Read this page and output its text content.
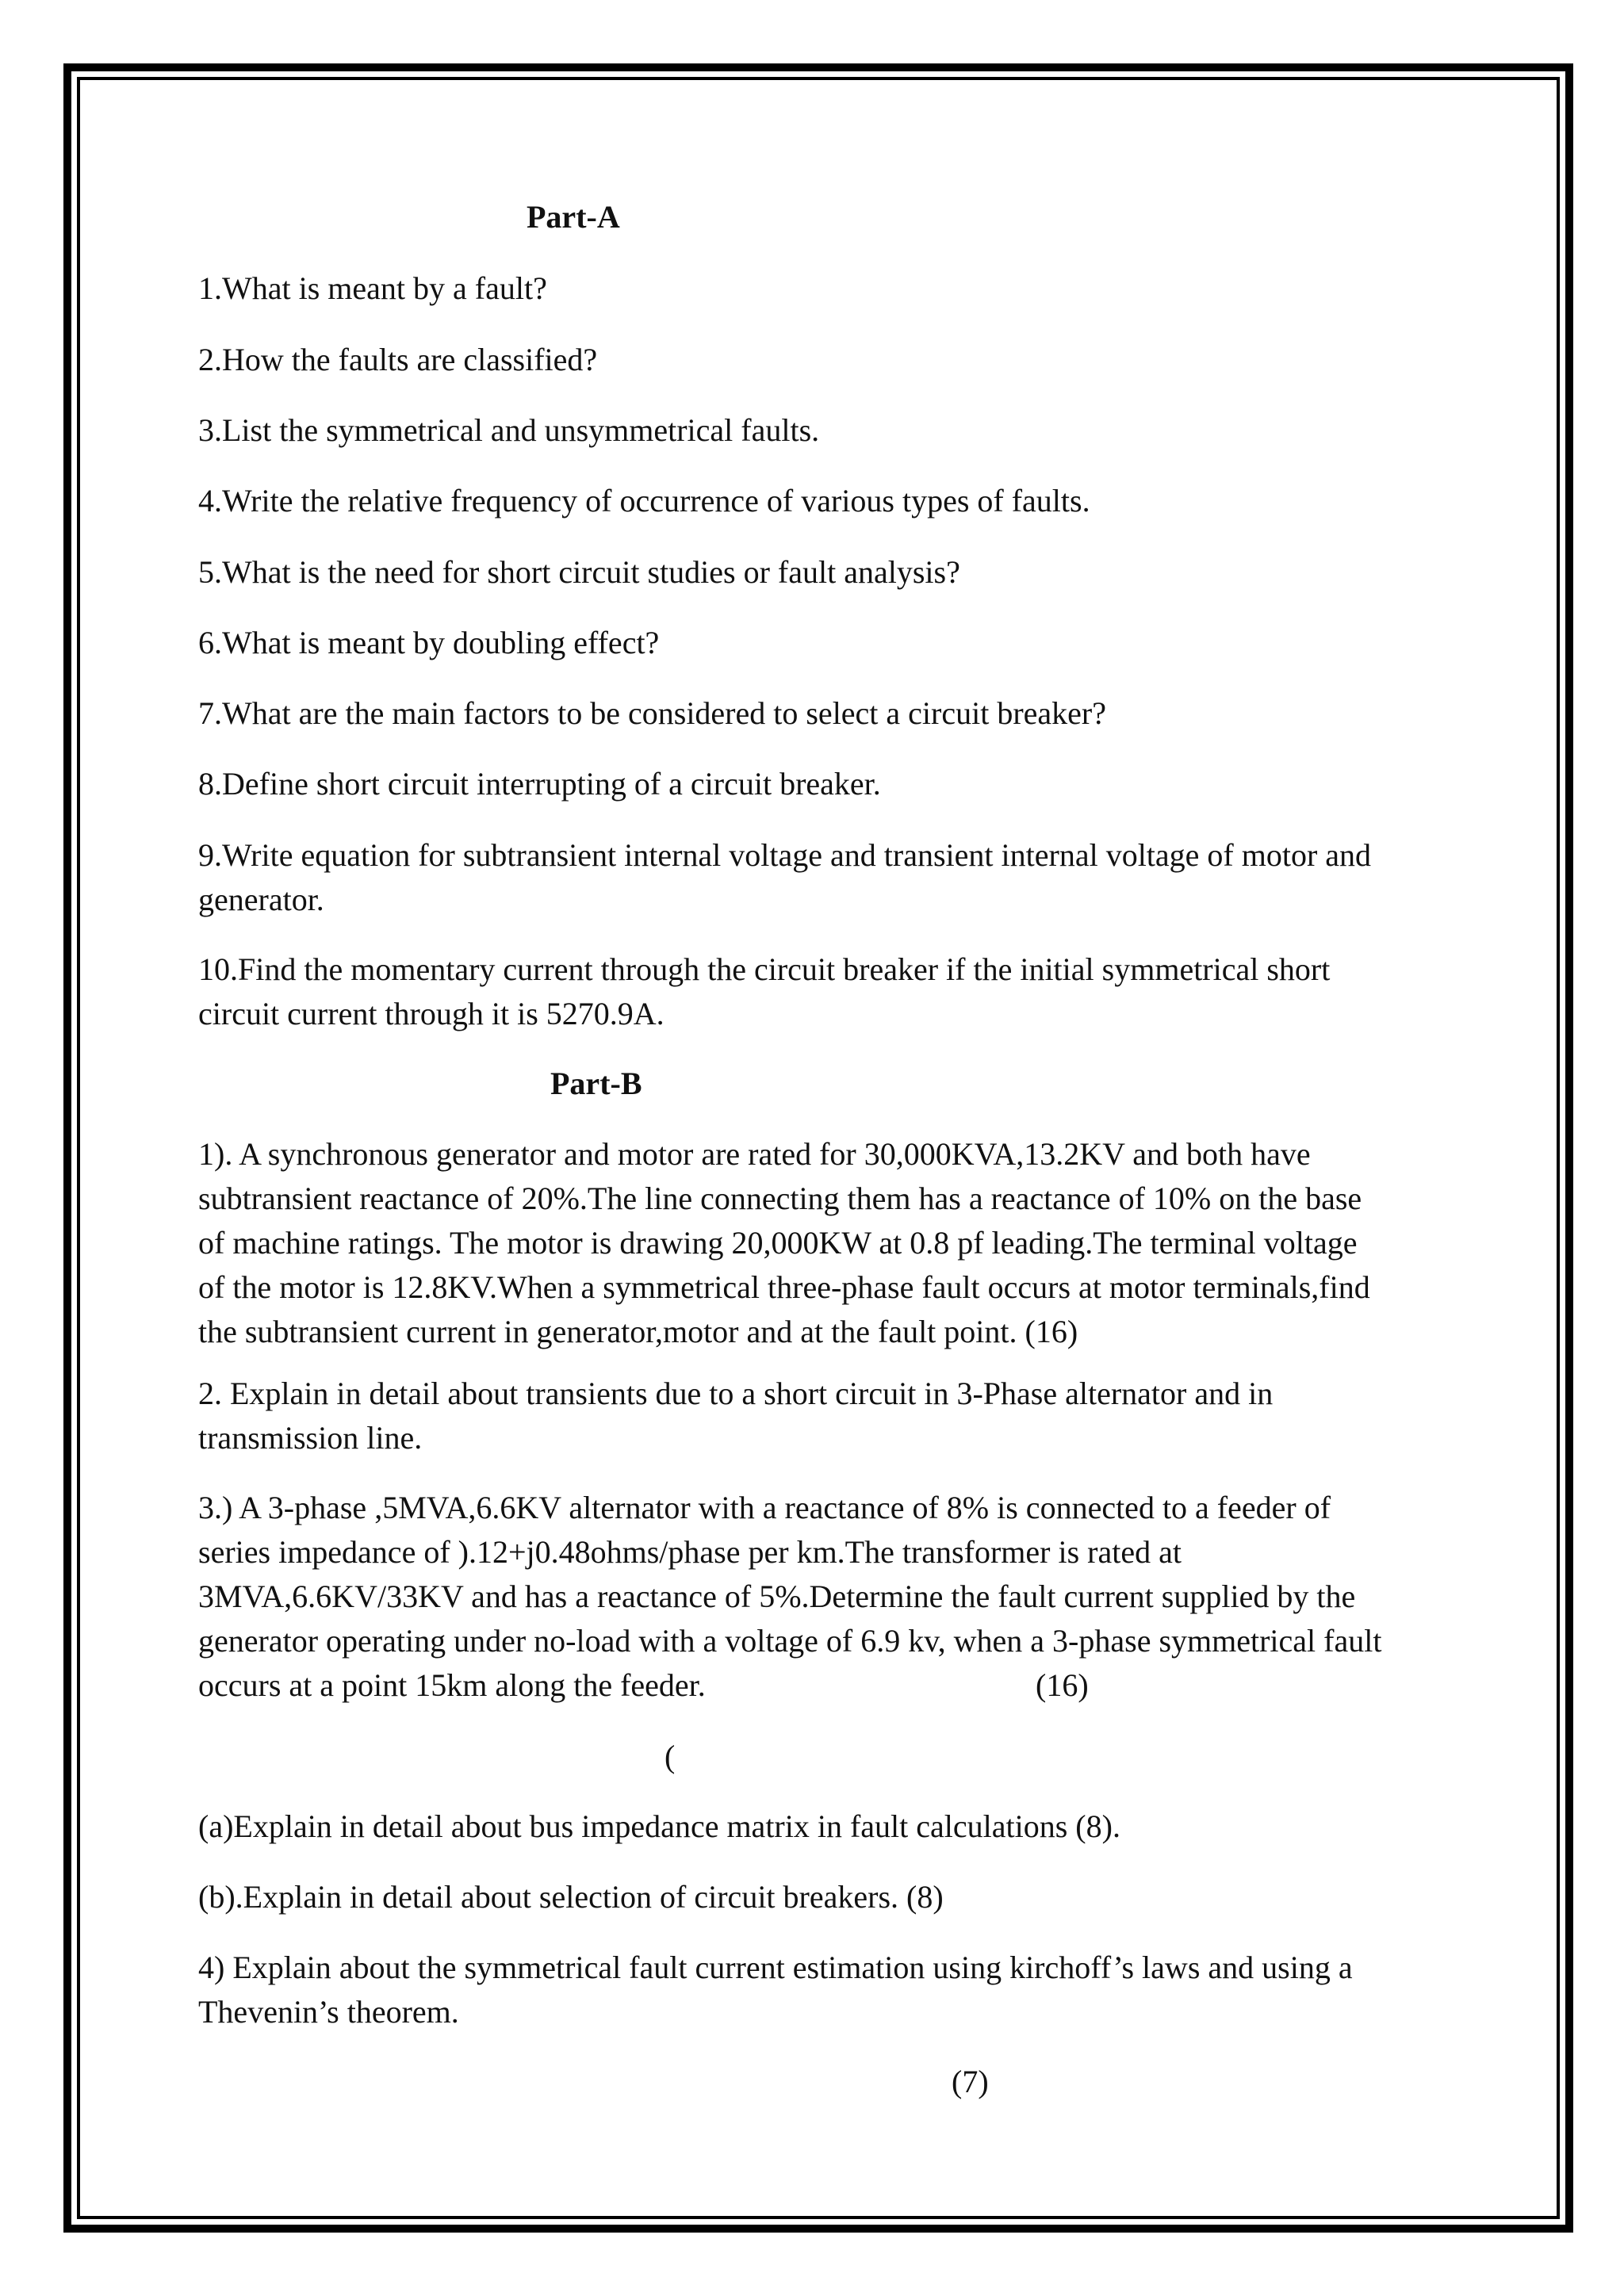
Part-A
1.What is meant by a fault?
2.How the faults are classified?
3.List the symmetrical and unsymmetrical faults.
4.Write the relative frequency of occurrence of various types of faults.
5.What is the need for short circuit studies or fault analysis?
6.What is meant by doubling effect?
7.What are the main factors to be considered to select a circuit breaker?
8.Define short circuit interrupting of a circuit breaker.
9.Write equation for subtransient internal voltage and transient internal voltage of motor and
generator.
10.Find the momentary current through the circuit breaker if the initial symmetrical short
circuit current through it is 5270.9A.
Part-B
1). A synchronous generator and motor are rated for 30,000KVA,13.2KV and both have
subtransient reactance of 20%.The line connecting them has a reactance of 10% on the base
of machine ratings. The motor is drawing 20,000KW at 0.8 pf leading.The terminal voltage
of the motor is 12.8KV.When a symmetrical three-phase fault occurs at motor terminals,find
the subtransient current in generator,motor and at the fault point. (16)
2. Explain in detail about transients due to a short circuit in 3-Phase alternator and in
transmission line.
3.) A 3-phase ,5MVA,6.6KV alternator with a reactance of 8% is connected to a feeder of
series impedance of ).12+j0.48ohms/phase per km.The transformer is rated at
3MVA,6.6KV/33KV and has a reactance of 5%.Determine the fault current supplied by the
generator operating under no-load with a voltage of 6.9 kv, when a 3-phase symmetrical fault
occurs at a point 15km along the feeder.	(16)
(
(a)Explain in detail about bus impedance matrix in fault calculations (8).
(b).Explain in detail about selection of circuit breakers. (8)
4) Explain about the symmetrical fault current estimation using kirchoff’s laws and using a
Thevenin’s theorem.
(7)
